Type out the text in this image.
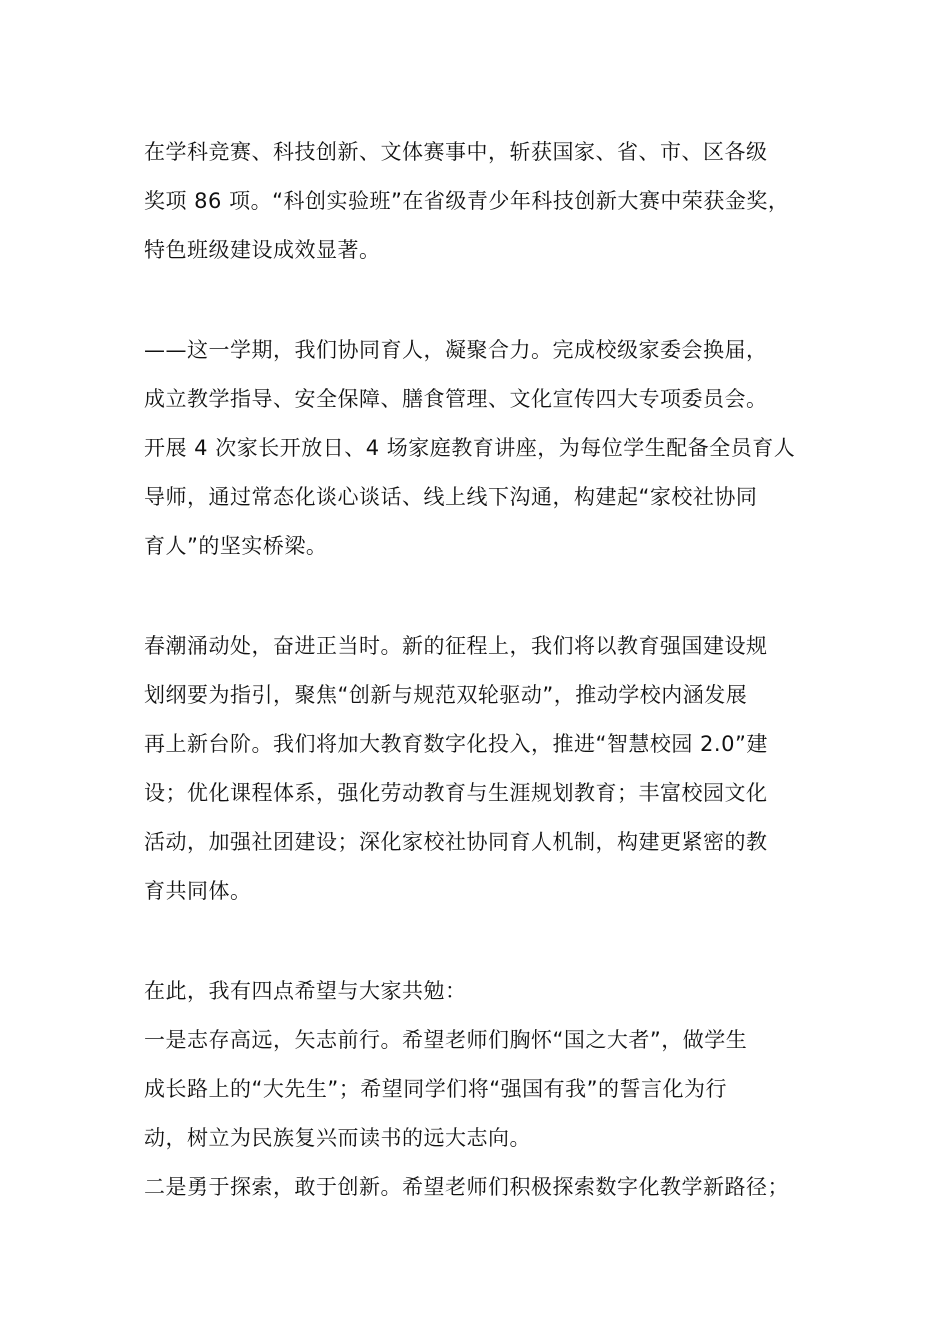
在学科竞赛、科技创新、文体赛事中，斩获国家、省、市、区各级
奖项 86 项。“科创实验班”在省级青少年科技创新大赛中荣获金奖，
特色班级建设成效显著。
——这一学期，我们协同育人，凝聚合力。完成校级家委会换届，
成立教学指导、安全保障、膳食管理、文化宣传四大专项委员会。
开展 4 次家长开放日、4 场家庭教育讲座，为每位学生配备全员育人
导师，通过常态化谈心谈话、线上线下沟通，构建起“家校社协同
育人”的坚实桥梁。
春潮涌动处，奋进正当时。新的征程上，我们将以教育强国建设规
划纲要为指引，聚焦“创新与规范双轮驱动”，推动学校内涵发展
再上新台阶。我们将加大教育数字化投入，推进“智慧校园 2.0”建
设；优化课程体系，强化劳动教育与生涯规划教育；丰富校园文化
活动，加强社团建设；深化家校社协同育人机制，构建更紧密的教
育共同体。
在此，我有四点希望与大家共勉：
一是志存高远，矢志前行。希望老师们胸怀“国之大者”，做学生
成长路上的“大先生”；希望同学们将“强国有我”的誓言化为行
动，树立为民族复兴而读书的远大志向。
二是勇于探索，敢于创新。希望老师们积极探索数字化教学新路径；
